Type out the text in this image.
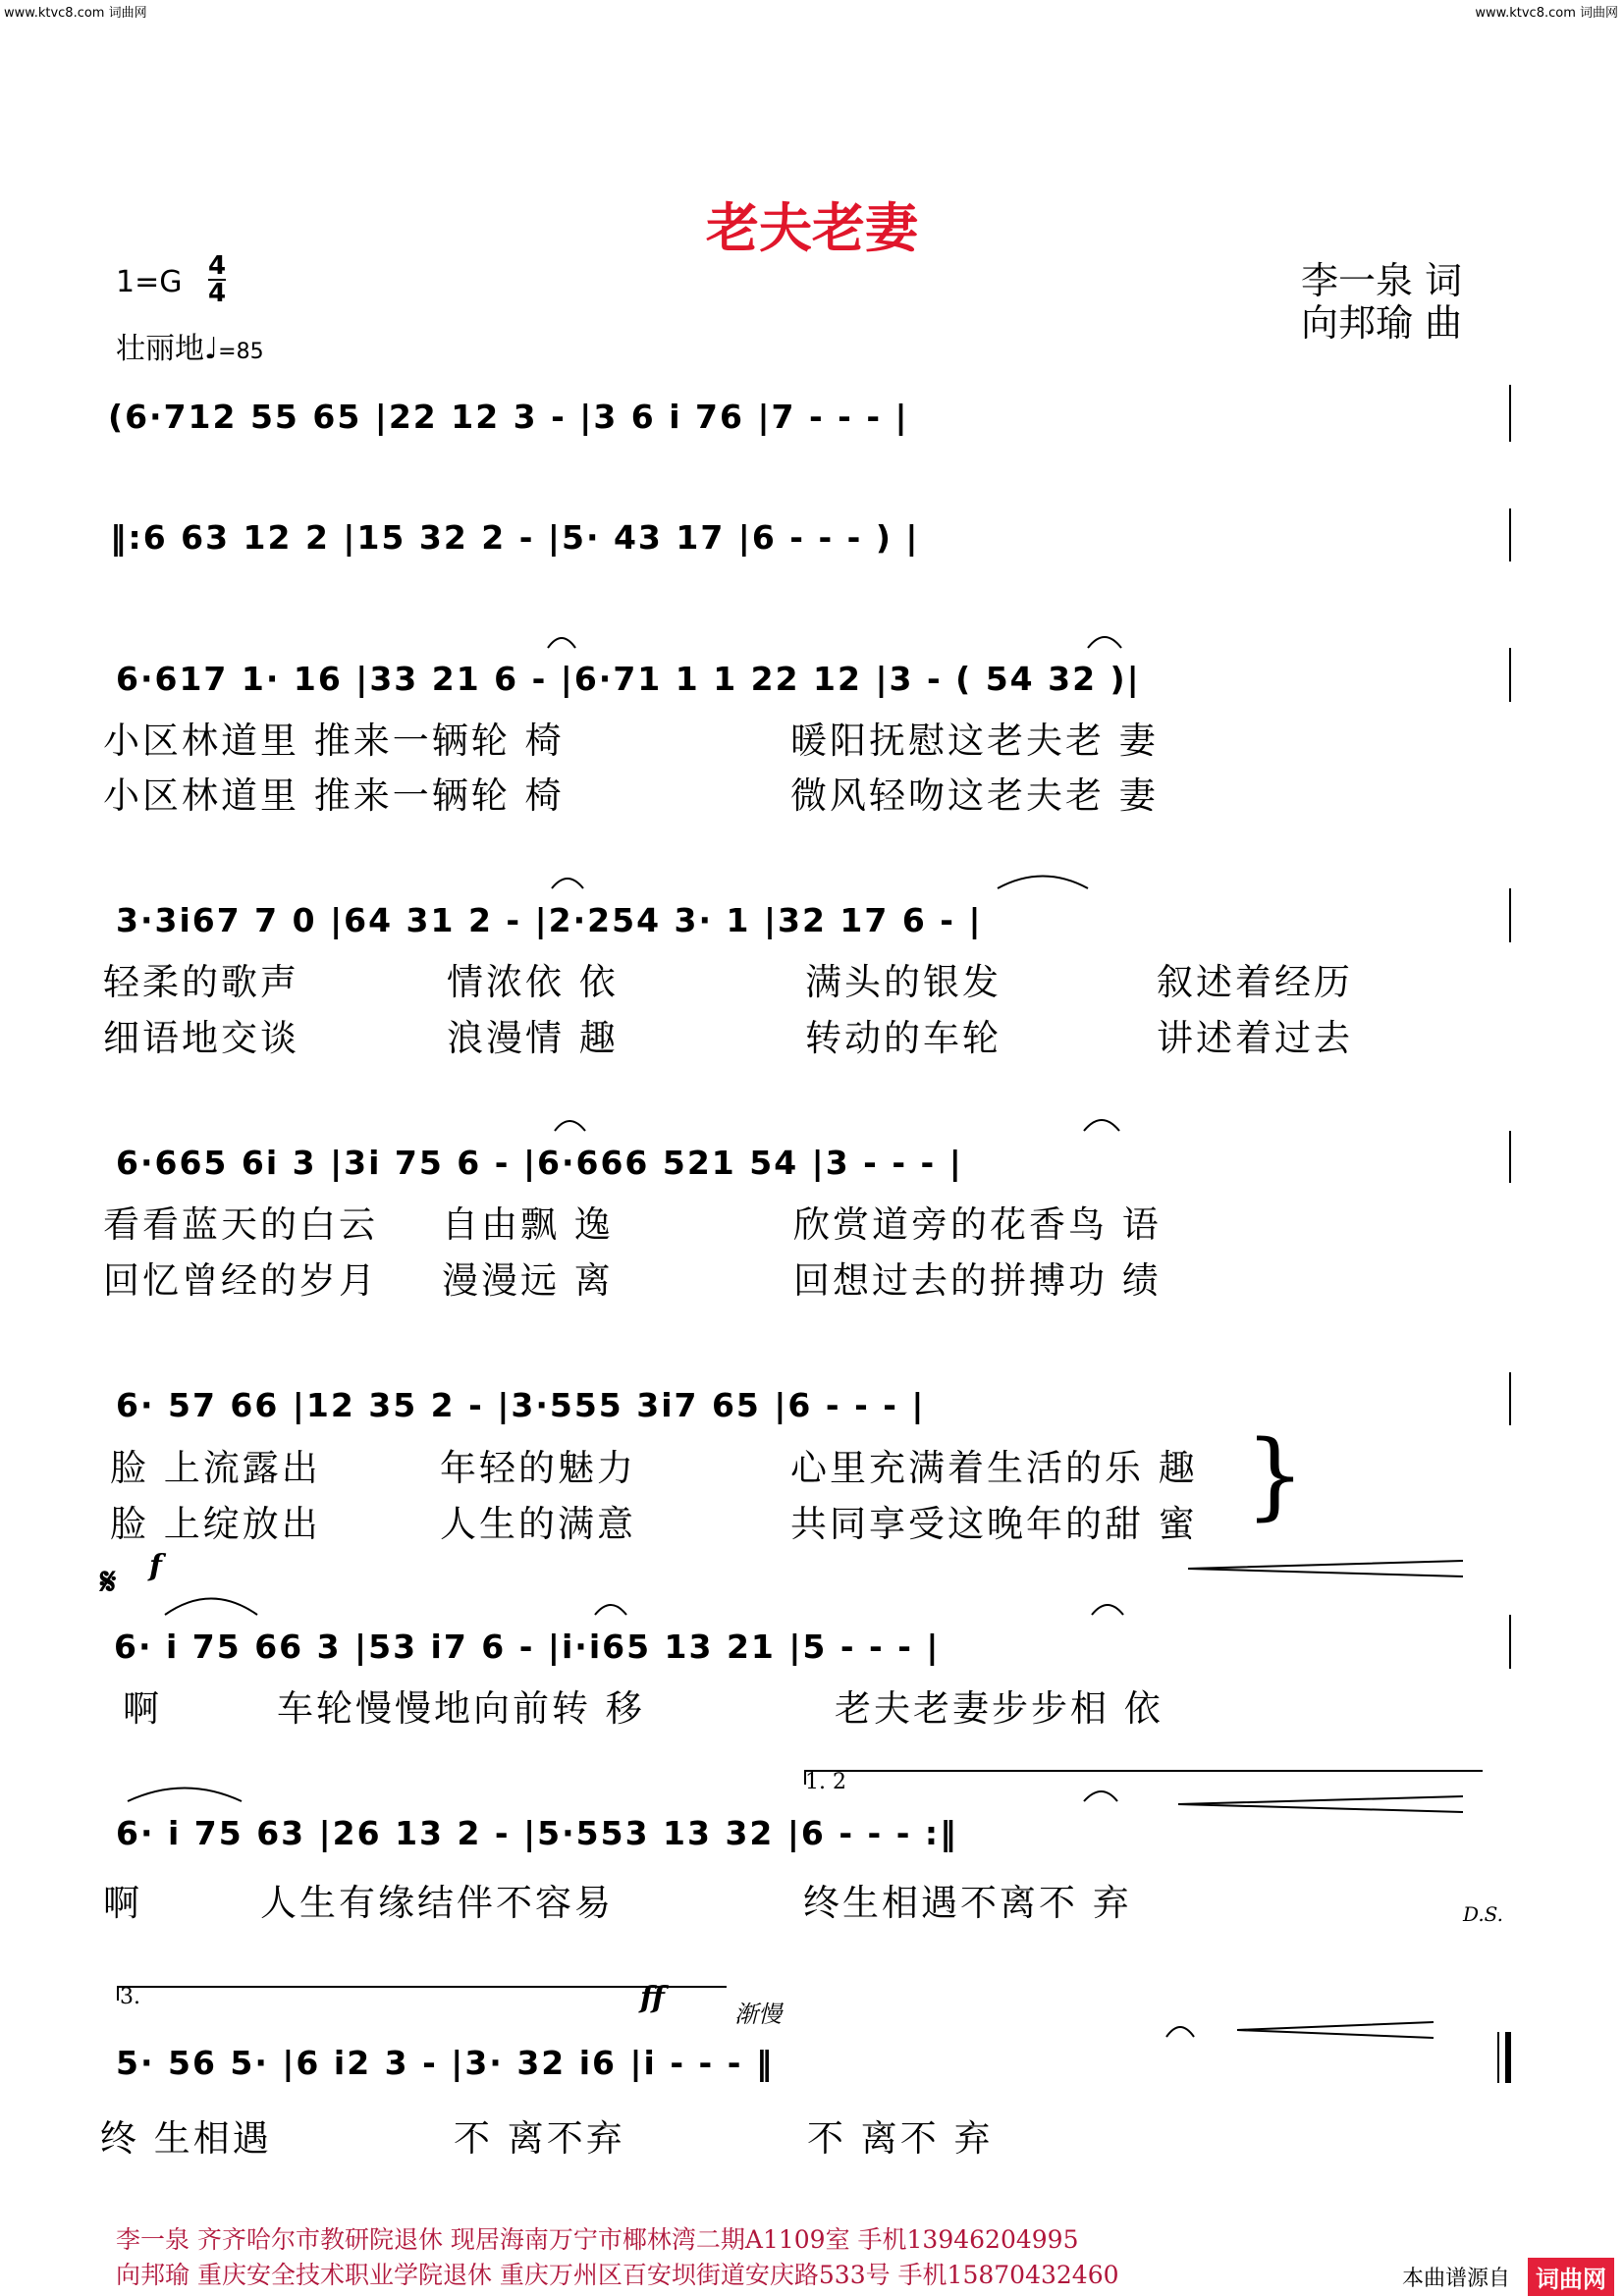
www.ktvc8.com 词曲网	www.ktvc8.com 词曲网
老夫老妻
李一泉 词
向邦瑜 曲
1=G 4
4
壮丽地♩=85
(6·712 55 65 |22 12 3 - |3 6 i 76 |7 - - - |
‖:6 63 12 2 |15 32 2 - |5· 43 17 |6 - - - ) |
6·617 1· 16 |33 21 6 - |6·71 1 1 22 12 |3 - ( 54 32 )|
小区林道里 推来一辆轮 椅	暖阳抚慰这老夫老 妻
小区林道里 推来一辆轮 椅	微风轻吻这老夫老 妻
3·3i67 7 0 |64 31 2 - |2·254 3· 1 |32 17 6 - |
轻柔的歌声	情浓依 依	满头的银发	叙述着经历
细语地交谈	浪漫情 趣	转动的车轮	讲述着过去
6·665 6i 3 |3i 75 6 - |6·666 521 54 |3 - - - |
看看蓝天的白云 自由飘 逸	欣赏道旁的花香鸟 语
回忆曾经的岁月 漫漫远 离	回想过去的拼搏功 绩
6· 57 66 |12 35 2 - |3·555 3i7 65 |6 - - - |
脸 上流露出	年轻的魅力	心里充满着生活的乐 趣
脸 上绽放出	人生的满意	共同享受这晚年的甜 蜜 }
𝄋 f
6· i 75 66 3 |53 i7 6 - |i·i65 13 21 |5 - - - |
啊	车轮慢慢地向前转 移	老夫老妻步步相 依
1. 2
6· i 75 63 |26 13 2 - |5·553 13 32 |6 - - - :‖
啊	人生有缘结伴不容易	终生相遇不离不 弃	D.S.
3.	ff	渐慢
5· 56 5· |6 i2 3 - |3· 32 i6 |i - - - ‖
终 生相遇	不 离不弃	不 离不 弃
李一泉 齐齐哈尔市教研院退休 现居海南万宁市椰林湾二期A1109室 手机13946204995
向邦瑜 重庆安全技术职业学院退休 重庆万州区百安坝街道安庆路533号 手机15870432460	本曲谱源自	词曲网
